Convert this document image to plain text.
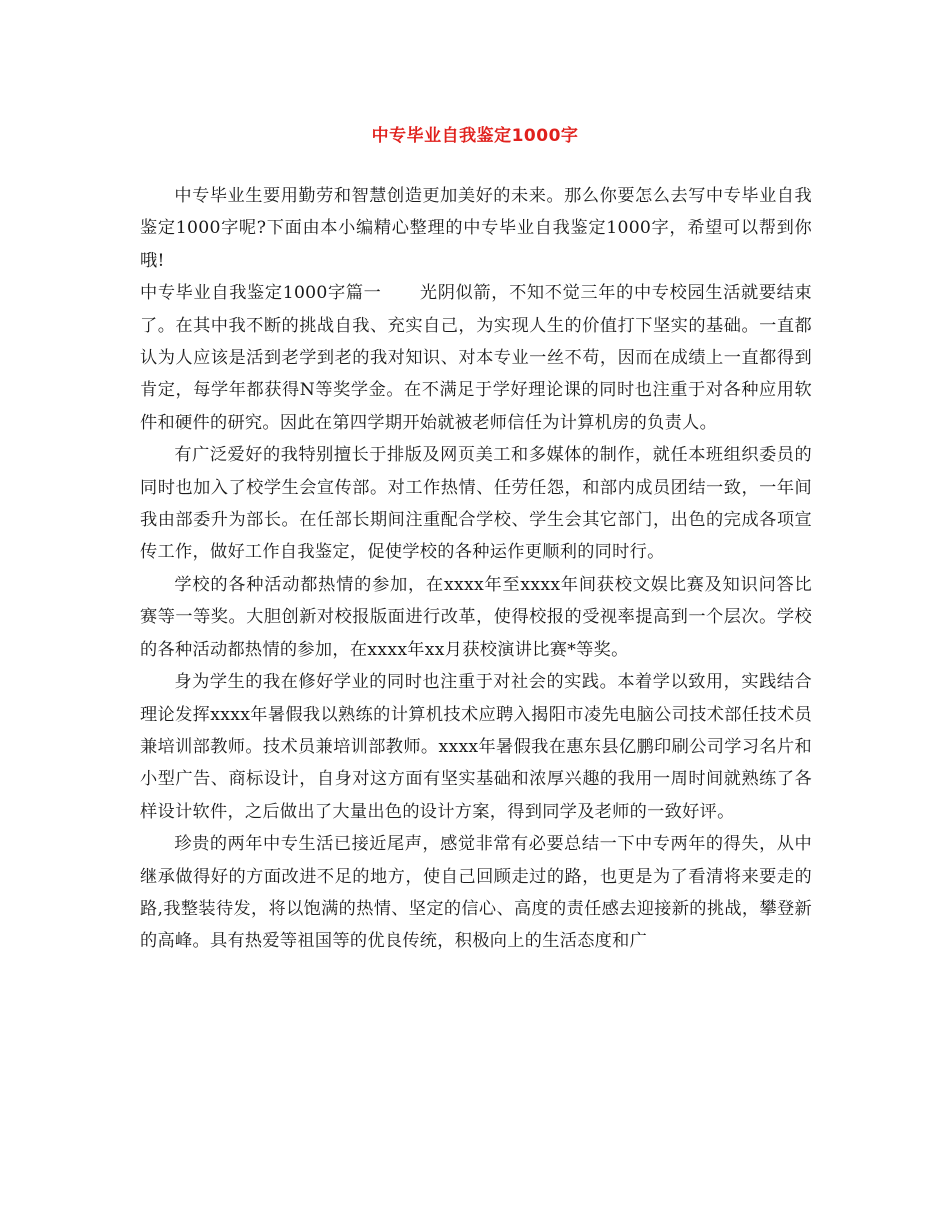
中专毕业自我鉴定1000字

中专毕业生要用勤劳和智慧创造更加美好的未来。那么你要怎么去写中专毕业自我鉴定1000字呢?下面由本小编精心整理的中专毕业自我鉴定1000字，希望可以帮到你哦!

中专毕业自我鉴定1000字篇一 光阴似箭，不知不觉三年的中专校园生活就要结束了。在其中我不断的挑战自我、充实自己，为实现人生的价值打下坚实的基础。一直都认为人应该是活到老学到老的我对知识、对本专业一丝不苟，因而在成绩上一直都得到肯定，每学年都获得N等奖学金。在不满足于学好理论课的同时也注重于对各种应用软件和硬件的研究。因此在第四学期开始就被老师信任为计算机房的负责人。

有广泛爱好的我特别擅长于排版及网页美工和多媒体的制作，就任本班组织委员的同时也加入了校学生会宣传部。对工作热情、任劳任怨，和部内成员团结一致，一年间我由部委升为部长。在任部长期间注重配合学校、学生会其它部门，出色的完成各项宣传工作，做好工作自我鉴定，促使学校的各种运作更顺利的同时行。

学校的各种活动都热情的参加，在xxxx年至xxxx年间获校文娱比赛及知识问答比赛等一等奖。大胆创新对校报版面进行改革，使得校报的受视率提高到一个层次。学校的各种活动都热情的参加，在xxxx年xx月获校演讲比赛*等奖。

身为学生的我在修好学业的同时也注重于对社会的实践。本着学以致用，实践结合理论发挥xxxx年暑假我以熟练的计算机技术应聘入揭阳市凌先电脑公司技术部任技术员兼培训部教师。技术员兼培训部教师。xxxx年暑假我在惠东县亿鹏印刷公司学习名片和小型广告、商标设计，自身对这方面有坚实基础和浓厚兴趣的我用一周时间就熟练了各样设计软件，之后做出了大量出色的设计方案，得到同学及老师的一致好评。

珍贵的两年中专生活已接近尾声，感觉非常有必要总结一下中专两年的得失，从中继承做得好的方面改进不足的地方，使自己回顾走过的路，也更是为了看清将来要走的路,我整装待发，将以饱满的热情、坚定的信心、高度的责任感去迎接新的挑战，攀登新的高峰。具有热爱等祖国等的优良传统，积极向上的生活态度和广
